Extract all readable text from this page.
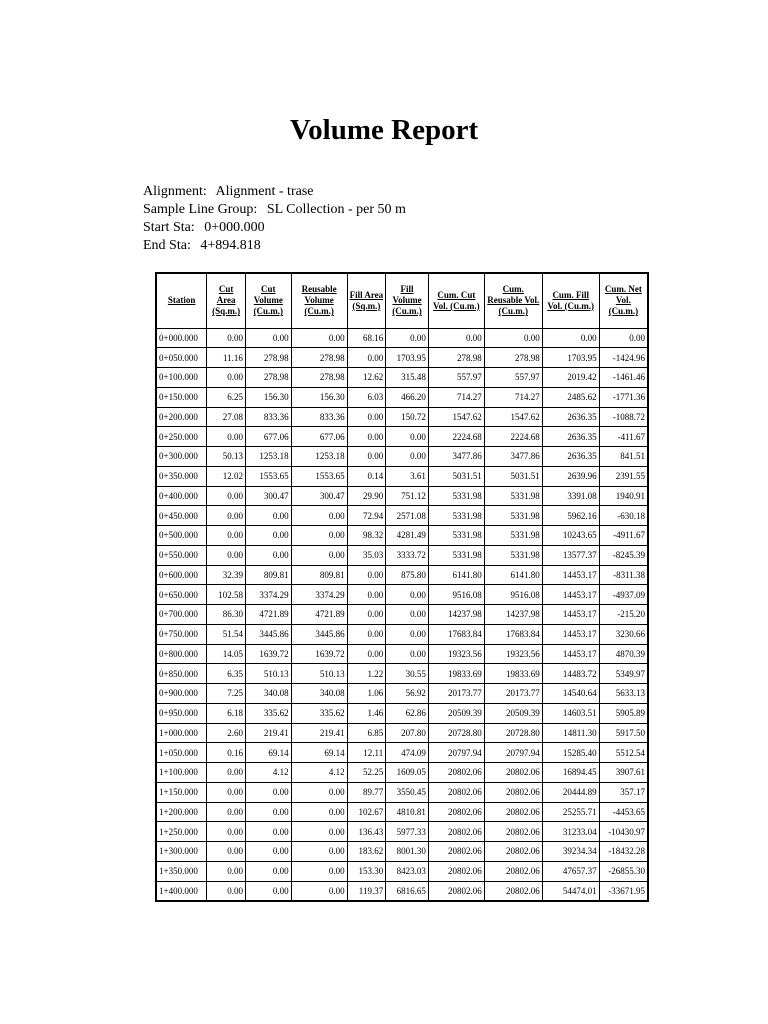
Volume Report
Alignment: Alignment - trase
Sample Line Group: SL Collection - per 50 m
Start Sta: 0+000.000
End Sta: 4+894.818
Station	Cut Area (Sq.m.)	Cut Volume (Cu.m.)	Reusable Volume (Cu.m.)	Fill Area (Sq.m.)	Fill Volume (Cu.m.)	Cum. Cut Vol. (Cu.m.)	Cum. Reusable Vol. (Cu.m.)	Cum. Fill Vol. (Cu.m.)	Cum. Net Vol. (Cu.m.)
0+000.000	0.00	0.00	0.00	68.16	0.00	0.00	0.00	0.00	0.00
0+050.000	11.16	278.98	278.98	0.00	1703.95	278.98	278.98	1703.95	-1424.96
0+100.000	0.00	278.98	278.98	12.62	315.48	557.97	557.97	2019.42	-1461.46
0+150.000	6.25	156.30	156.30	6.03	466.20	714.27	714.27	2485.62	-1771.36
0+200.000	27.08	833.36	833.36	0.00	150.72	1547.62	1547.62	2636.35	-1088.72
0+250.000	0.00	677.06	677.06	0.00	0.00	2224.68	2224.68	2636.35	-411.67
0+300.000	50.13	1253.18	1253.18	0.00	0.00	3477.86	3477.86	2636.35	841.51
0+350.000	12.02	1553.65	1553.65	0.14	3.61	5031.51	5031.51	2639.96	2391.55
0+400.000	0.00	300.47	300.47	29.90	751.12	5331.98	5331.98	3391.08	1940.91
0+450.000	0.00	0.00	0.00	72.94	2571.08	5331.98	5331.98	5962.16	-630.18
0+500.000	0.00	0.00	0.00	98.32	4281.49	5331.98	5331.98	10243.65	-4911.67
0+550.000	0.00	0.00	0.00	35.03	3333.72	5331.98	5331.98	13577.37	-8245.39
0+600.000	32.39	809.81	809.81	0.00	875.80	6141.80	6141.80	14453.17	-8311.38
0+650.000	102.58	3374.29	3374.29	0.00	0.00	9516.08	9516.08	14453.17	-4937.09
0+700.000	86.30	4721.89	4721.89	0.00	0.00	14237.98	14237.98	14453.17	-215.20
0+750.000	51.54	3445.86	3445.86	0.00	0.00	17683.84	17683.84	14453.17	3230.66
0+800.000	14.05	1639.72	1639.72	0.00	0.00	19323.56	19323.56	14453.17	4870.39
0+850.000	6.35	510.13	510.13	1.22	30.55	19833.69	19833.69	14483.72	5349.97
0+900.000	7.25	340.08	340.08	1.06	56.92	20173.77	20173.77	14540.64	5633.13
0+950.000	6.18	335.62	335.62	1.46	62.86	20509.39	20509.39	14603.51	5905.89
1+000.000	2.60	219.41	219.41	6.85	207.80	20728.80	20728.80	14811.30	5917.50
1+050.000	0.16	69.14	69.14	12.11	474.09	20797.94	20797.94	15285.40	5512.54
1+100.000	0.00	4.12	4.12	52.25	1609.05	20802.06	20802.06	16894.45	3907.61
1+150.000	0.00	0.00	0.00	89.77	3550.45	20802.06	20802.06	20444.89	357.17
1+200.000	0.00	0.00	0.00	102.67	4810.81	20802.06	20802.06	25255.71	-4453.65
1+250.000	0.00	0.00	0.00	136.43	5977.33	20802.06	20802.06	31233.04	-10430.97
1+300.000	0.00	0.00	0.00	183.62	8001.30	20802.06	20802.06	39234.34	-18432.28
1+350.000	0.00	0.00	0.00	153.30	8423.03	20802.06	20802.06	47657.37	-26855.30
1+400.000	0.00	0.00	0.00	119.37	6816.65	20802.06	20802.06	54474.01	-33671.95
